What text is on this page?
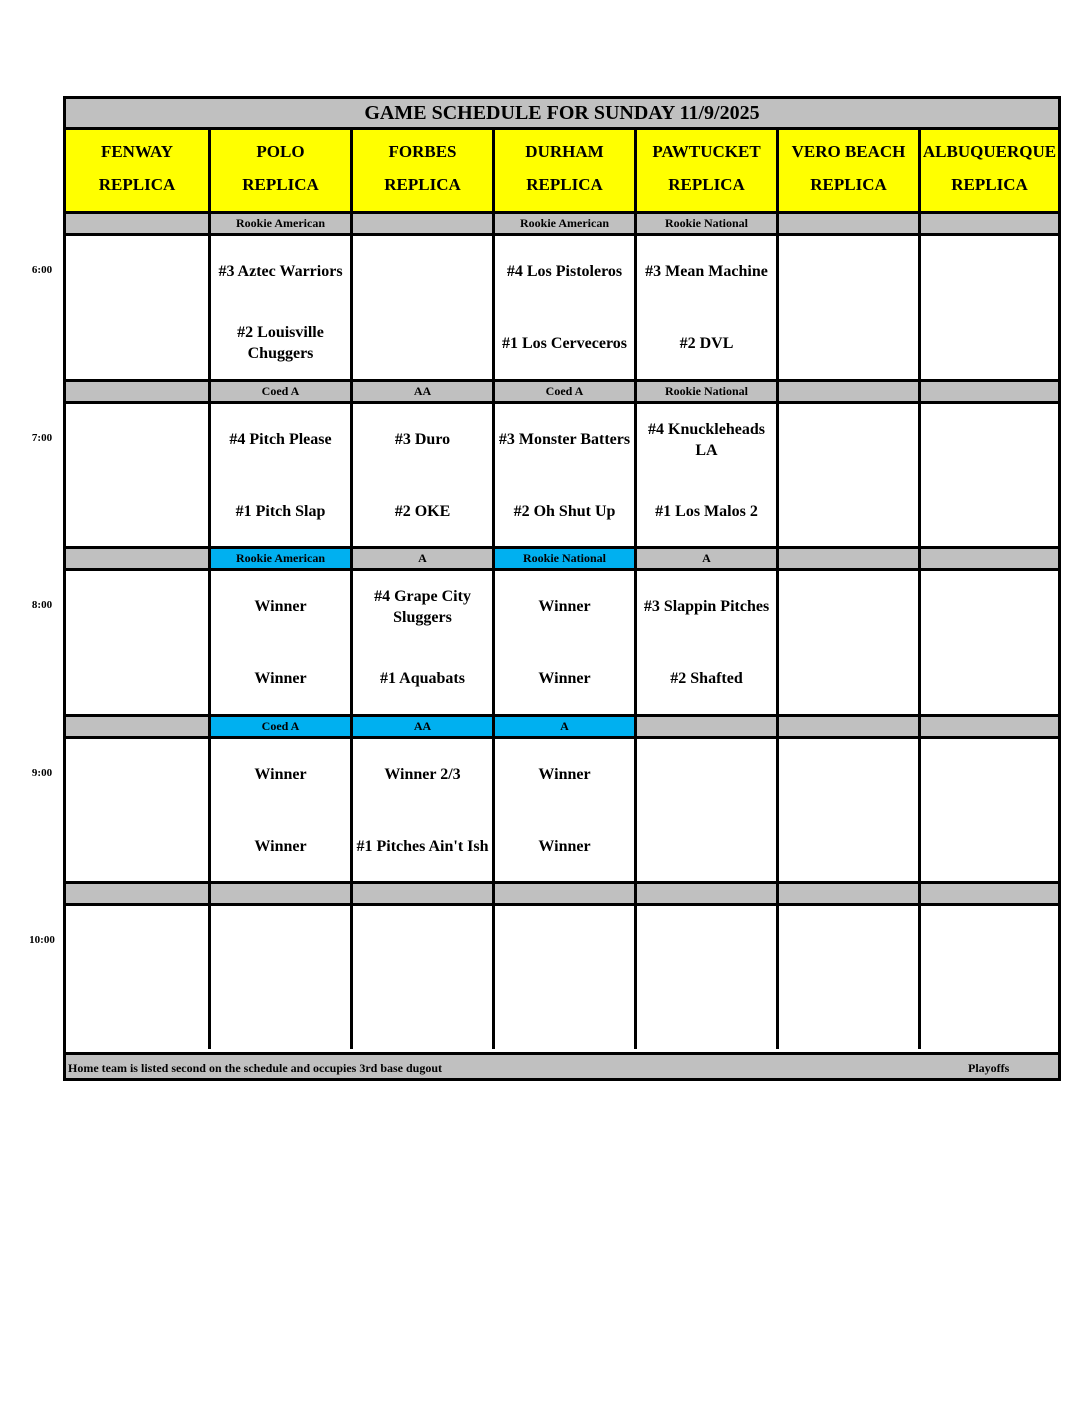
6:00
7:00
8:00
9:00
10:00
GAME SCHEDULE FOR SUNDAY 11/9/2025
FENWAY
REPLICA
POLO
REPLICA
FORBES
REPLICA
DURHAM
REPLICA
PAWTUCKET
REPLICA
VERO BEACH
REPLICA
ALBUQUERQUE
REPLICA
Rookie American
#3 Aztec Warriors
#2 Louisville Chuggers
Rookie American
#4 Los Pistoleros
#1 Los Cerveceros
Rookie National
#3 Mean Machine
#2 DVL
Coed A
#4 Pitch Please
#1 Pitch Slap
AA
#3 Duro
#2 OKE
Coed A
#3 Monster Batters
#2 Oh Shut Up
Rookie National
#4 Knuckleheads LA
#1 Los Malos 2
Rookie American
Winner
Winner
A
#4 Grape City Sluggers
#1 Aquabats
Rookie National
Winner
Winner
A
#3 Slappin Pitches
#2 Shafted
Coed A
Winner
Winner
AA
Winner 2/3
#1 Pitches Ain't Ish
A
Winner
Winner
Home team is listed second on the schedule and occupies 3rd base dugout	Playoffs
